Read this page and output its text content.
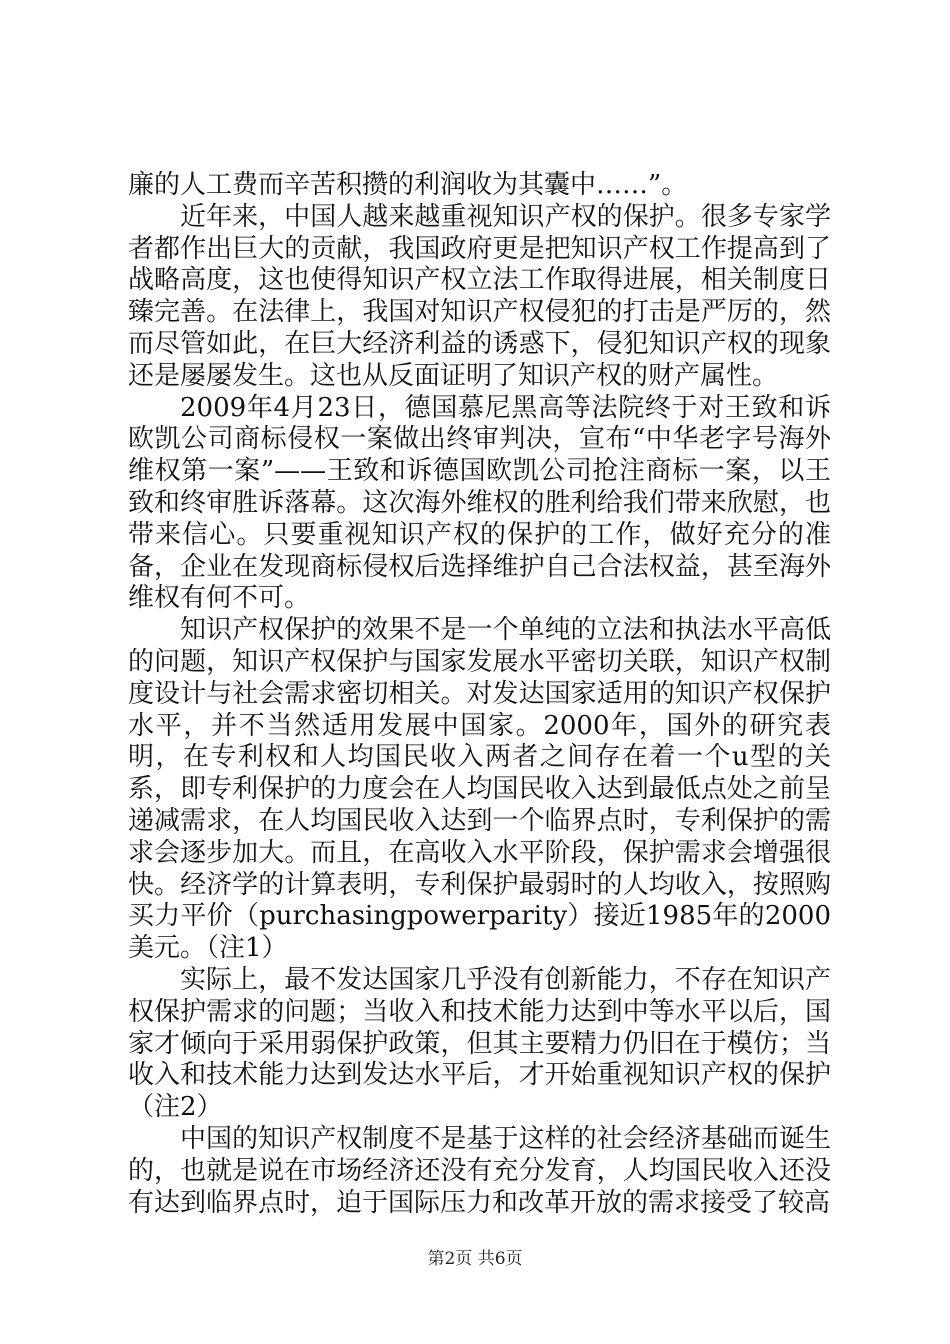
廉的人工费而辛苦积攒的利润收为其囊中……”。

近年来，中国人越来越重视知识产权的保护。很多专家学者都作出巨大的贡献，我国政府更是把知识产权工作提高到了战略高度，这也使得知识产权立法工作取得进展，相关制度日臻完善。在法律上，我国对知识产权侵犯的打击是严厉的，然而尽管如此，在巨大经济利益的诱惑下，侵犯知识产权的现象还是屡屡发生。这也从反面证明了知识产权的财产属性。

2009年4月23日，德国慕尼黑高等法院终于对王致和诉欧凯公司商标侵权一案做出终审判决，宣布“中华老字号海外维权第一案”——王致和诉德国欧凯公司抢注商标一案，以王致和终审胜诉落幕。这次海外维权的胜利给我们带来欣慰，也带来信心。只要重视知识产权的保护的工作，做好充分的准备，企业在发现商标侵权后选择维护自己合法权益，甚至海外维权有何不可。

知识产权保护的效果不是一个单纯的立法和执法水平高低的问题，知识产权保护与国家发展水平密切关联，知识产权制度设计与社会需求密切相关。对发达国家适用的知识产权保护水平，并不当然适用发展中国家。2000年，国外的研究表明，在专利权和人均国民收入两者之间存在着一个u型的关系，即专利保护的力度会在人均国民收入达到最低点处之前呈递减需求，在人均国民收入达到一个临界点时，专利保护的需求会逐步加大。而且，在高收入水平阶段，保护需求会增强很快。经济学的计算表明，专利保护最弱时的人均收入，按照购买力平价（purchasingpowerparity）接近1985年的2000美元。（注1）

实际上，最不发达国家几乎没有创新能力，不存在知识产权保护需求的问题；当收入和技术能力达到中等水平以后，国家才倾向于采用弱保护政策，但其主要精力仍旧在于模仿；当收入和技术能力达到发达水平后，才开始重视知识产权的保护（注2）

中国的知识产权制度不是基于这样的社会经济基础而诞生的，也就是说在市场经济还没有充分发育，人均国民收入还没有达到临界点时，迫于国际压力和改革开放的需求接受了较高

第2页 共6页
